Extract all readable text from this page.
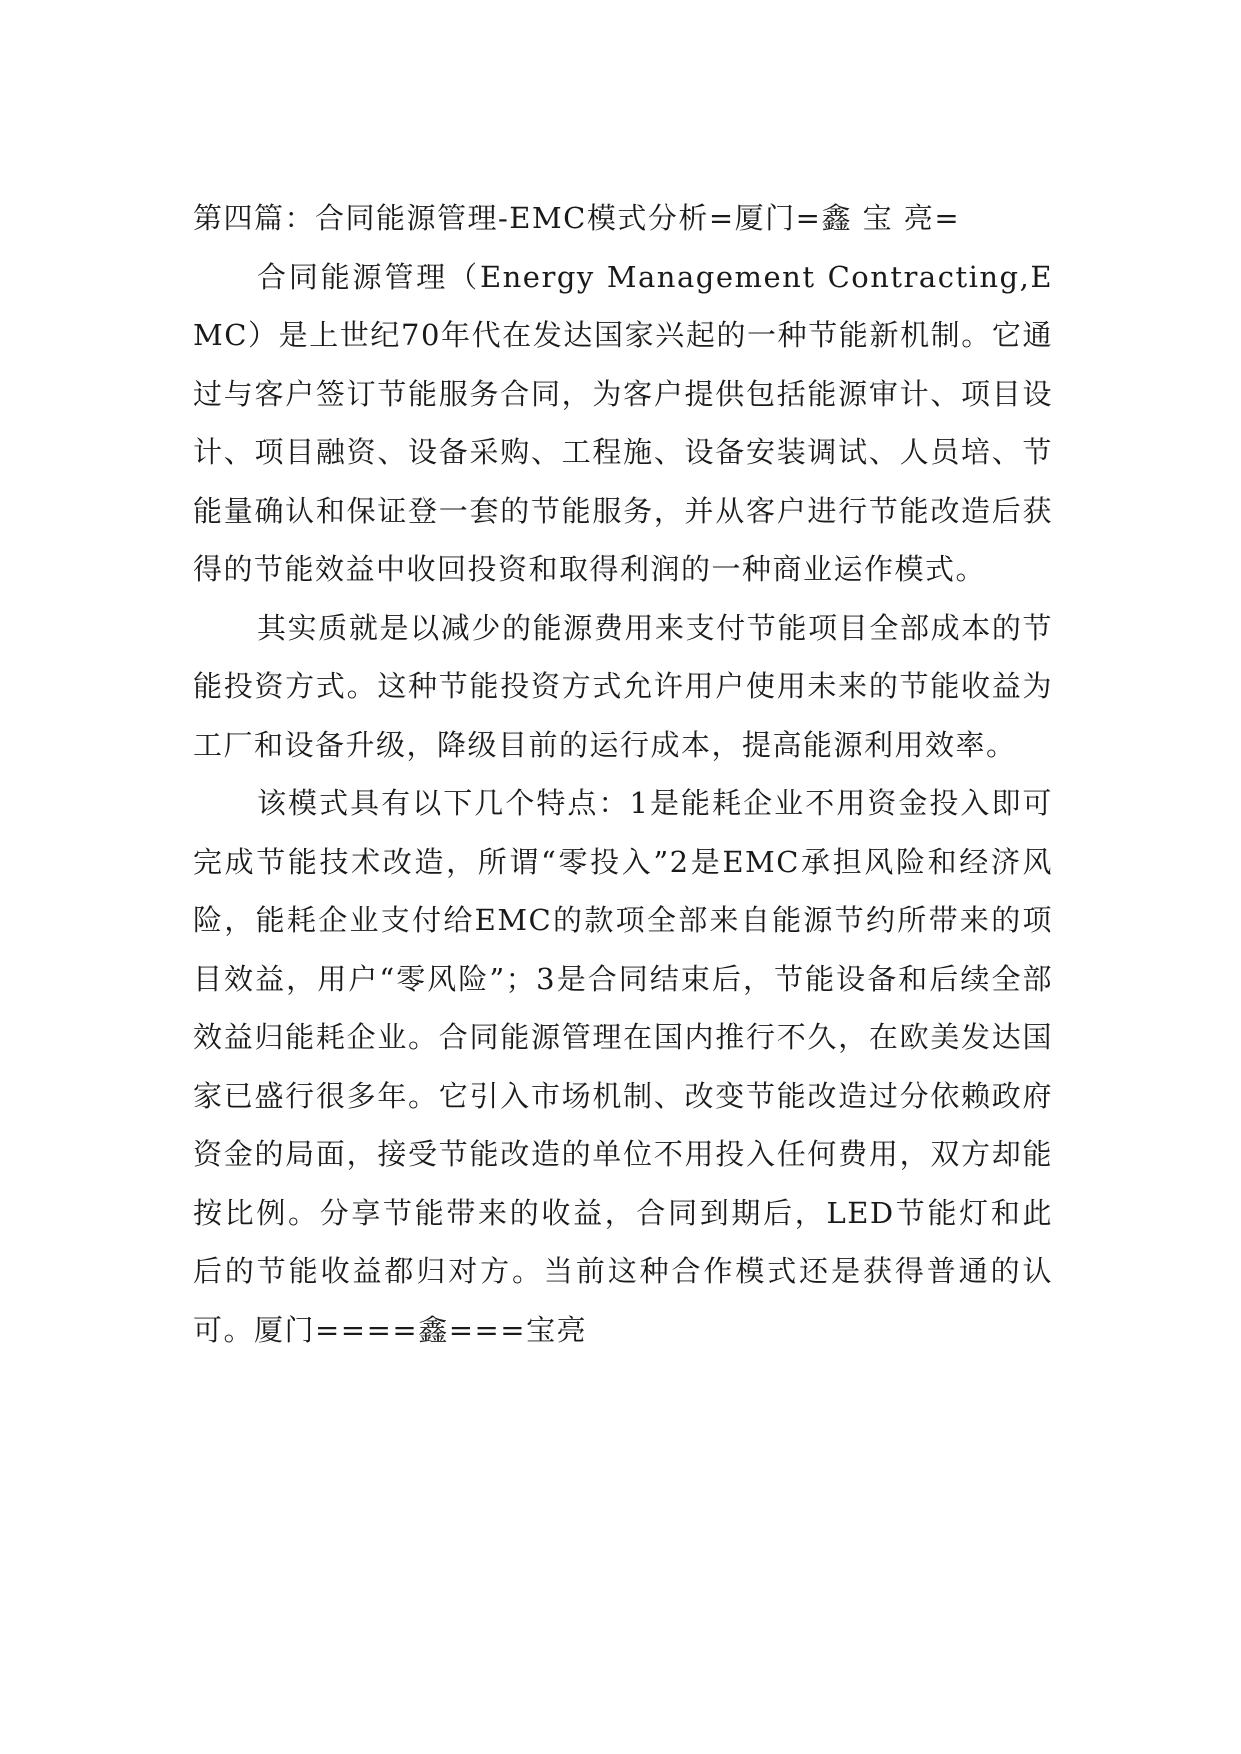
第四篇：合同能源管理-EMC模式分析=厦门=鑫 宝 亮=

合同能源管理（Energy Management Contracting,EMC）是上世纪70年代在发达国家兴起的一种节能新机制。它通过与客户签订节能服务合同，为客户提供包括能源审计、项目设计、项目融资、设备采购、工程施、设备安装调试、人员培、节能量确认和保证登一套的节能服务，并从客户进行节能改造后获得的节能效益中收回投资和取得利润的一种商业运作模式。

其实质就是以减少的能源费用来支付节能项目全部成本的节能投资方式。这种节能投资方式允许用户使用未来的节能收益为工厂和设备升级，降级目前的运行成本，提高能源利用效率。

该模式具有以下几个特点：1是能耗企业不用资金投入即可完成节能技术改造，所谓“零投入”2是EMC承担风险和经济风险，能耗企业支付给EMC的款项全部来自能源节约所带来的项目效益，用户“零风险”；3是合同结束后，节能设备和后续全部效益归能耗企业。合同能源管理在国内推行不久，在欧美发达国家已盛行很多年。它引入市场机制、改变节能改造过分依赖政府资金的局面，接受节能改造的单位不用投入任何费用，双方却能按比例。分享节能带来的收益，合同到期后，LED节能灯和此后的节能收益都归对方。当前这种合作模式还是获得普通的认可。厦门====鑫===宝亮
